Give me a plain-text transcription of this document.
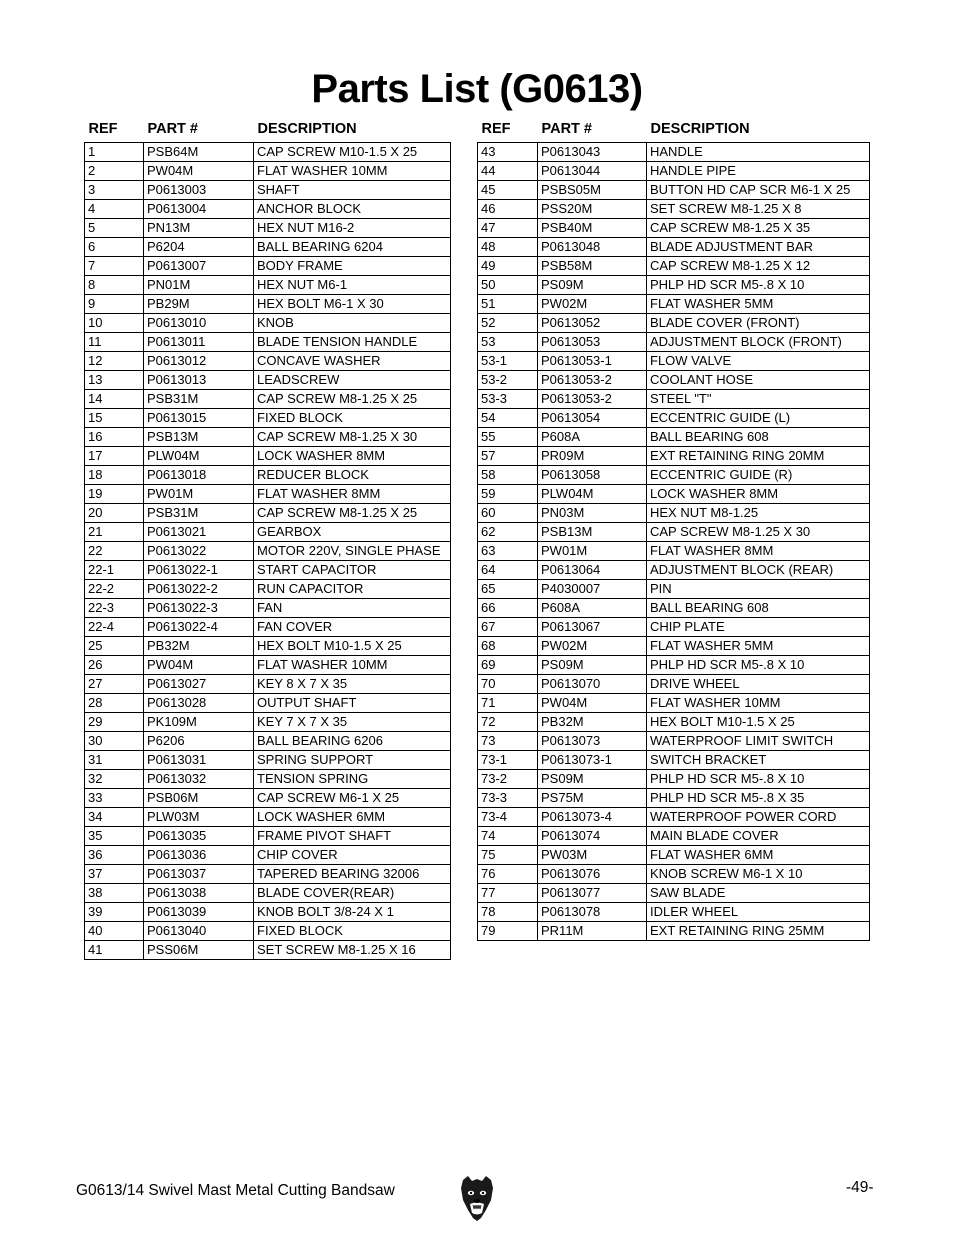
Parts List (G0613)
REF	PART #	DESCRIPTION
1	PSB64M	CAP SCREW M10-1.5 X 25
2	PW04M	FLAT WASHER 10MM
3	P0613003	SHAFT
4	P0613004	ANCHOR BLOCK
5	PN13M	HEX NUT M16-2
6	P6204	BALL BEARING 6204
7	P0613007	BODY FRAME
8	PN01M	HEX NUT M6-1
9	PB29M	HEX BOLT M6-1 X 30
10	P0613010	KNOB
11	P0613011	BLADE TENSION HANDLE
12	P0613012	CONCAVE WASHER
13	P0613013	LEADSCREW
14	PSB31M	CAP SCREW M8-1.25 X 25
15	P0613015	FIXED BLOCK
16	PSB13M	CAP SCREW M8-1.25 X 30
17	PLW04M	LOCK WASHER 8MM
18	P0613018	REDUCER BLOCK
19	PW01M	FLAT WASHER 8MM
20	PSB31M	CAP SCREW M8-1.25 X 25
21	P0613021	GEARBOX
22	P0613022	MOTOR 220V, SINGLE PHASE
22-1	P0613022-1	START CAPACITOR
22-2	P0613022-2	RUN CAPACITOR
22-3	P0613022-3	FAN
22-4	P0613022-4	FAN COVER
25	PB32M	HEX BOLT M10-1.5 X 25
26	PW04M	FLAT WASHER 10MM
27	P0613027	KEY 8 X 7 X 35
28	P0613028	OUTPUT SHAFT
29	PK109M	KEY 7 X 7 X 35
30	P6206	BALL BEARING 6206
31	P0613031	SPRING SUPPORT
32	P0613032	TENSION SPRING
33	PSB06M	CAP SCREW M6-1 X 25
34	PLW03M	LOCK WASHER 6MM
35	P0613035	FRAME PIVOT SHAFT
36	P0613036	CHIP COVER
37	P0613037	TAPERED BEARING 32006
38	P0613038	BLADE COVER(REAR)
39	P0613039	KNOB BOLT 3/8-24 X 1
40	P0613040	FIXED BLOCK
41	PSS06M	SET SCREW M8-1.25 X 16
REF	PART #	DESCRIPTION
43	P0613043	HANDLE
44	P0613044	HANDLE PIPE
45	PSBS05M	BUTTON HD CAP SCR M6-1 X 25
46	PSS20M	SET SCREW M8-1.25 X 8
47	PSB40M	CAP SCREW M8-1.25 X 35
48	P0613048	BLADE ADJUSTMENT BAR
49	PSB58M	CAP SCREW M8-1.25 X 12
50	PS09M	PHLP HD SCR M5-.8 X 10
51	PW02M	FLAT WASHER 5MM
52	P0613052	BLADE COVER (FRONT)
53	P0613053	ADJUSTMENT BLOCK (FRONT)
53-1	P0613053-1	FLOW VALVE
53-2	P0613053-2	COOLANT HOSE
53-3	P0613053-2	STEEL "T"
54	P0613054	ECCENTRIC GUIDE (L)
55	P608A	BALL BEARING 608
57	PR09M	EXT RETAINING RING 20MM
58	P0613058	ECCENTRIC GUIDE (R)
59	PLW04M	LOCK WASHER 8MM
60	PN03M	HEX NUT M8-1.25
62	PSB13M	CAP SCREW M8-1.25 X 30
63	PW01M	FLAT WASHER 8MM
64	P0613064	ADJUSTMENT BLOCK (REAR)
65	P4030007	PIN
66	P608A	BALL BEARING 608
67	P0613067	CHIP PLATE
68	PW02M	FLAT WASHER 5MM
69	PS09M	PHLP HD SCR M5-.8 X 10
70	P0613070	DRIVE WHEEL
71	PW04M	FLAT WASHER 10MM
72	PB32M	HEX BOLT M10-1.5 X 25
73	P0613073	WATERPROOF LIMIT SWITCH
73-1	P0613073-1	SWITCH BRACKET
73-2	PS09M	PHLP HD SCR M5-.8 X 10
73-3	PS75M	PHLP HD SCR M5-.8 X 35
73-4	P0613073-4	WATERPROOF POWER CORD
74	P0613074	MAIN BLADE COVER
75	PW03M	FLAT WASHER 6MM
76	P0613076	KNOB SCREW M6-1 X 10
77	P0613077	SAW BLADE
78	P0613078	IDLER WHEEL
79	PR11M	EXT RETAINING RING 25MM
G0613/14 Swivel Mast Metal Cutting Bandsaw	-49-
